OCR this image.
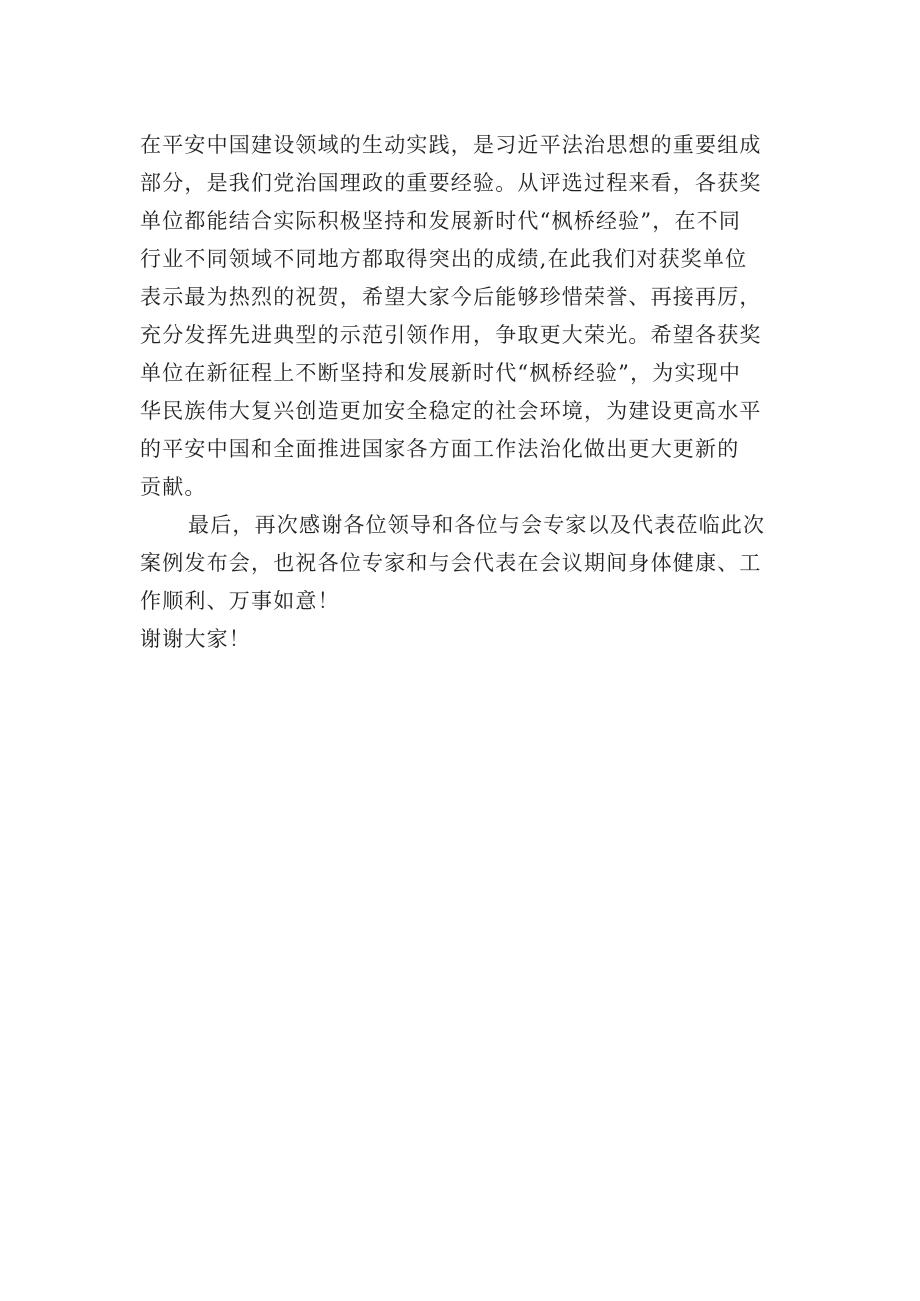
在平安中国建设领域的生动实践，是习近平法治思想的重要组成
部分，是我们党治国理政的重要经验。从评选过程来看，各获奖
单位都能结合实际积极坚持和发展新时代“枫桥经验”，在不同
行业不同领域不同地方都取得突出的成绩,在此我们对获奖单位
表示最为热烈的祝贺，希望大家今后能够珍惜荣誉、再接再厉，
充分发挥先进典型的示范引领作用，争取更大荣光。希望各获奖
单位在新征程上不断坚持和发展新时代“枫桥经验”，为实现中
华民族伟大复兴创造更加安全稳定的社会环境，为建设更高水平
的平安中国和全面推进国家各方面工作法治化做出更大更新的
贡献。
最后，再次感谢各位领导和各位与会专家以及代表莅临此次
案例发布会，也祝各位专家和与会代表在会议期间身体健康、工
作顺利、万事如意！
谢谢大家！
